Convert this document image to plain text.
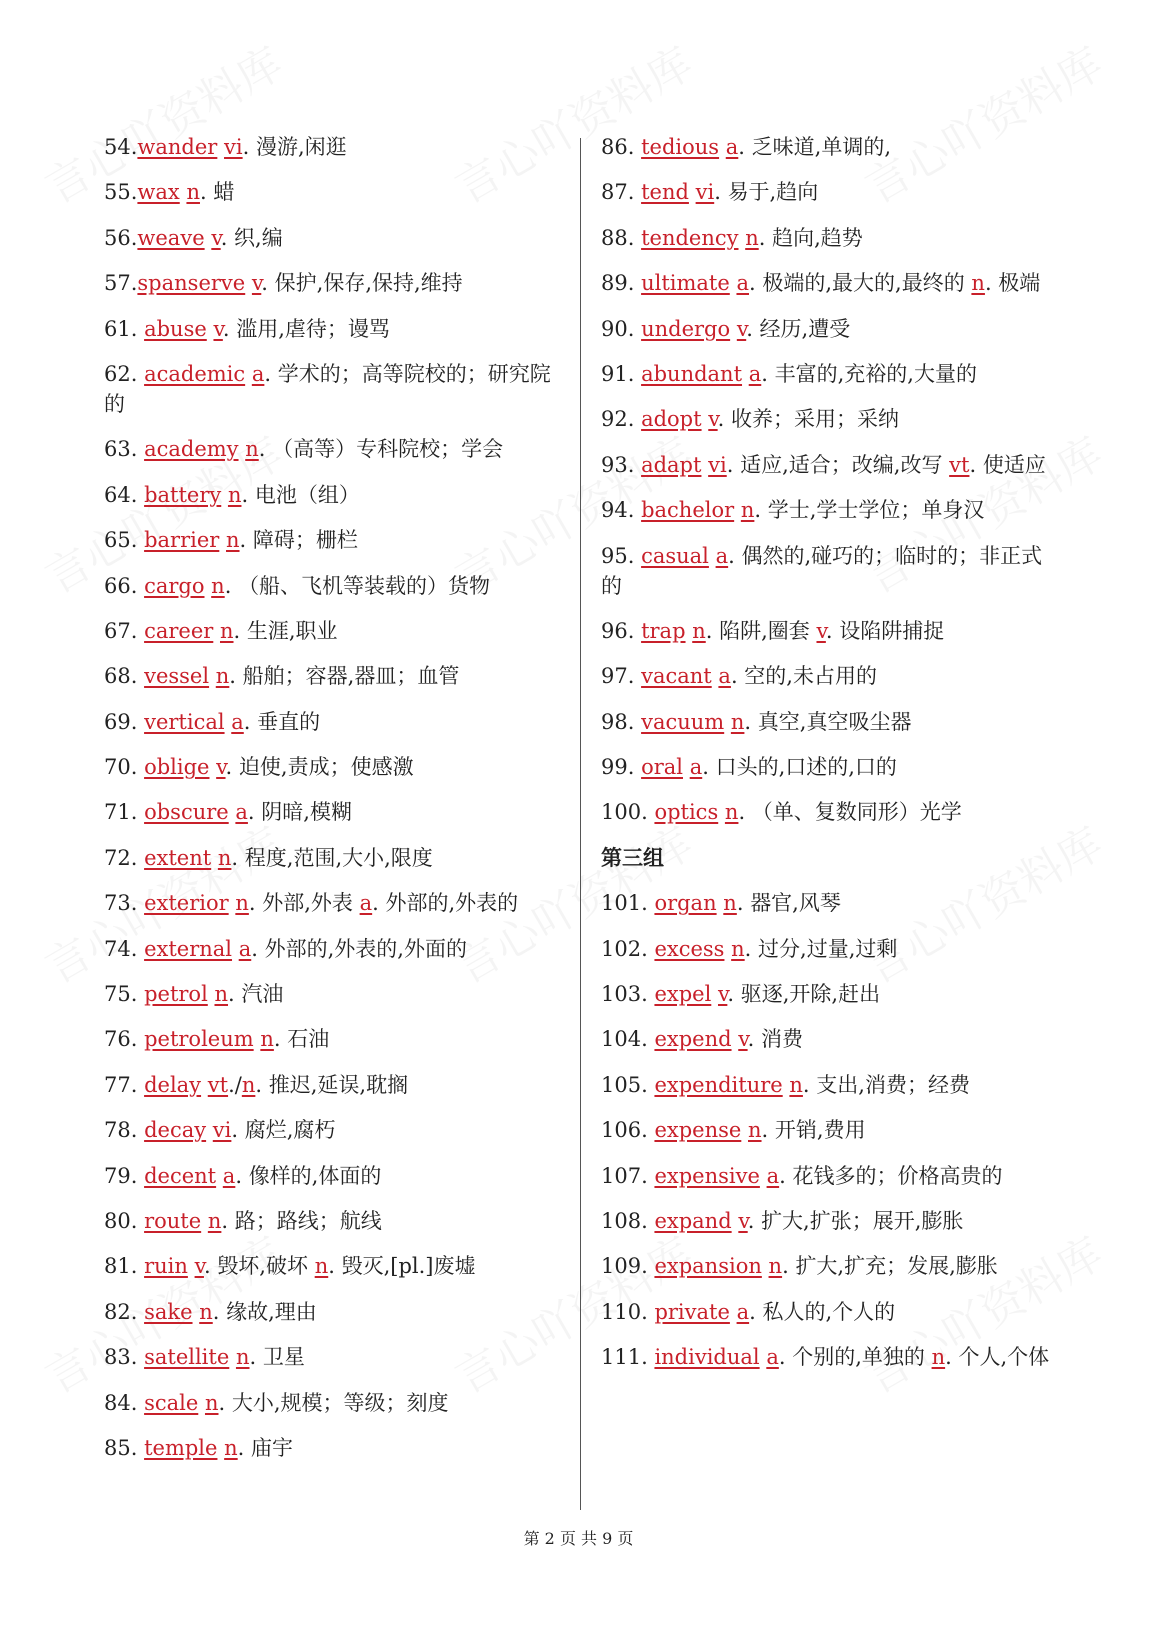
54.wander vi. 漫游,闲逛
55.wax n. 蜡
56.weave v. 织,编
57.spanserve v. 保护,保存,保持,维持
61. abuse v. 滥用,虐待；谩骂
62. academic a. 学术的；高等院校的；研究院的
63. academy n. （高等）专科院校；学会
64. battery n. 电池（组）
65. barrier n. 障碍；栅栏
66. cargo n. （船、飞机等装载的）货物
67. career n. 生涯,职业
68. vessel n. 船舶；容器,器皿；血管
69. vertical a. 垂直的
70. oblige v. 迫使,责成；使感激
71. obscure a. 阴暗,模糊
72. extent n. 程度,范围,大小,限度
73. exterior n. 外部,外表 a. 外部的,外表的
74. external a. 外部的,外表的,外面的
75. petrol n. 汽油
76. petroleum n. 石油
77. delay vt./n. 推迟,延误,耽搁
78. decay vi. 腐烂,腐朽
79. decent a. 像样的,体面的
80. route n. 路；路线；航线
81. ruin v. 毁坏,破坏 n. 毁灭,[pl.]废墟
82. sake n. 缘故,理由
83. satellite n. 卫星
84. scale n. 大小,规模；等级；刻度
85. temple n. 庙宇
86. tedious a. 乏味道,单调的,
87. tend vi. 易于,趋向
88. tendency n. 趋向,趋势
89. ultimate a. 极端的,最大的,最终的 n. 极端
90. undergo v. 经历,遭受
91. abundant a. 丰富的,充裕的,大量的
92. adopt v. 收养；采用；采纳
93. adapt vi. 适应,适合；改编,改写 vt. 使适应
94. bachelor n. 学士,学士学位；单身汉
95. casual a. 偶然的,碰巧的；临时的；非正式的
96. trap n. 陷阱,圈套 v. 设陷阱捕捉
97. vacant a. 空的,未占用的
98. vacuum n. 真空,真空吸尘器
99. oral a. 口头的,口述的,口的
100. optics n. （单、复数同形）光学
第三组
101. organ n. 器官,风琴
102. excess n. 过分,过量,过剩
103. expel v. 驱逐,开除,赶出
104. expend v. 消费
105. expenditure n. 支出,消费；经费
106. expense n. 开销,费用
107. expensive a. 花钱多的；价格高贵的
108. expand v. 扩大,扩张；展开,膨胀
109. expansion n. 扩大,扩充；发展,膨胀
110. private a. 私人的,个人的
111. individual a. 个别的,单独的 n. 个人,个体
第 2 页 共 9 页
